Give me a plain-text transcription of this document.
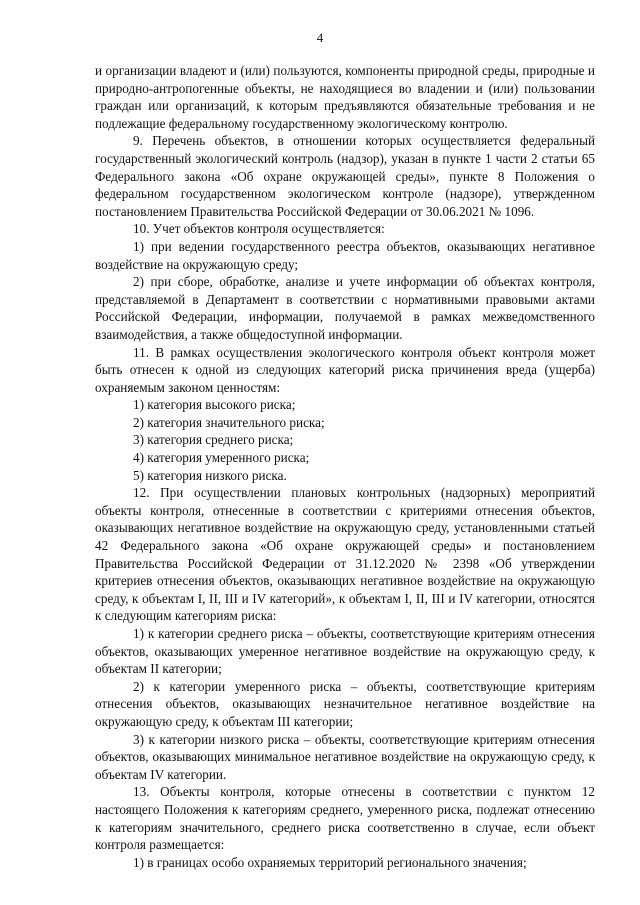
4

и организации владеют и (или) пользуются, компоненты природной среды, природные и природно-антропогенные объекты, не находящиеся во владении и (или) пользовании граждан или организаций, к которым предъявляются обязательные требования и не подлежащие федеральному государственному экологическому контролю.

9. Перечень объектов, в отношении которых осуществляется федеральный государственный экологический контроль (надзор), указан в пункте 1 части 2 статьи 65 Федерального закона «Об охране окружающей среды», пункте 8 Положения о федеральном государственном экологическом контроле (надзоре), утвержденном постановлением Правительства Российской Федерации от 30.06.2021 № 1096.

10. Учет объектов контроля осуществляется:

1) при ведении государственного реестра объектов, оказывающих негативное воздействие на окружающую среду;

2) при сборе, обработке, анализе и учете информации об объектах контроля, представляемой в Департамент в соответствии с нормативными правовыми актами Российской Федерации, информации, получаемой в рамках межведомственного взаимодействия, а также общедоступной информации.

11. В рамках осуществления экологического контроля объект контроля может быть отнесен к одной из следующих категорий риска причинения вреда (ущерба) охраняемым законом ценностям:

1) категория высокого риска;

2) категория значительного риска;

3) категория среднего риска;

4) категория умеренного риска;

5) категория низкого риска.

12. При осуществлении плановых контрольных (надзорных) мероприятий объекты контроля, отнесенные в соответствии с критериями отнесения объектов, оказывающих негативное воздействие на окружающую среду, установленными статьей 42 Федерального закона «Об охране окружающей среды» и постановлением Правительства Российской Федерации от 31.12.2020 № 2398 «Об утверждении критериев отнесения объектов, оказывающих негативное воздействие на окружающую среду, к объектам I, II, III и IV категорий», к объектам I, II, III и IV категории, относятся к следующим категориям риска:

1) к категории среднего риска – объекты, соответствующие критериям отнесения объектов, оказывающих умеренное негативное воздействие на окружающую среду, к объектам II категории;

2) к категории умеренного риска – объекты, соответствующие критериям отнесения объектов, оказывающих незначительное негативное воздействие на окружающую среду, к объектам III категории;

3) к категории низкого риска – объекты, соответствующие критериям отнесения объектов, оказывающих минимальное негативное воздействие на окружающую среду, к объектам IV категории.

13. Объекты контроля, которые отнесены в соответствии с пунктом 12 настоящего Положения к категориям среднего, умеренного риска, подлежат отнесению к категориям значительного, среднего риска соответственно в случае, если объект контроля размещается:

1) в границах особо охраняемых территорий регионального значения;
